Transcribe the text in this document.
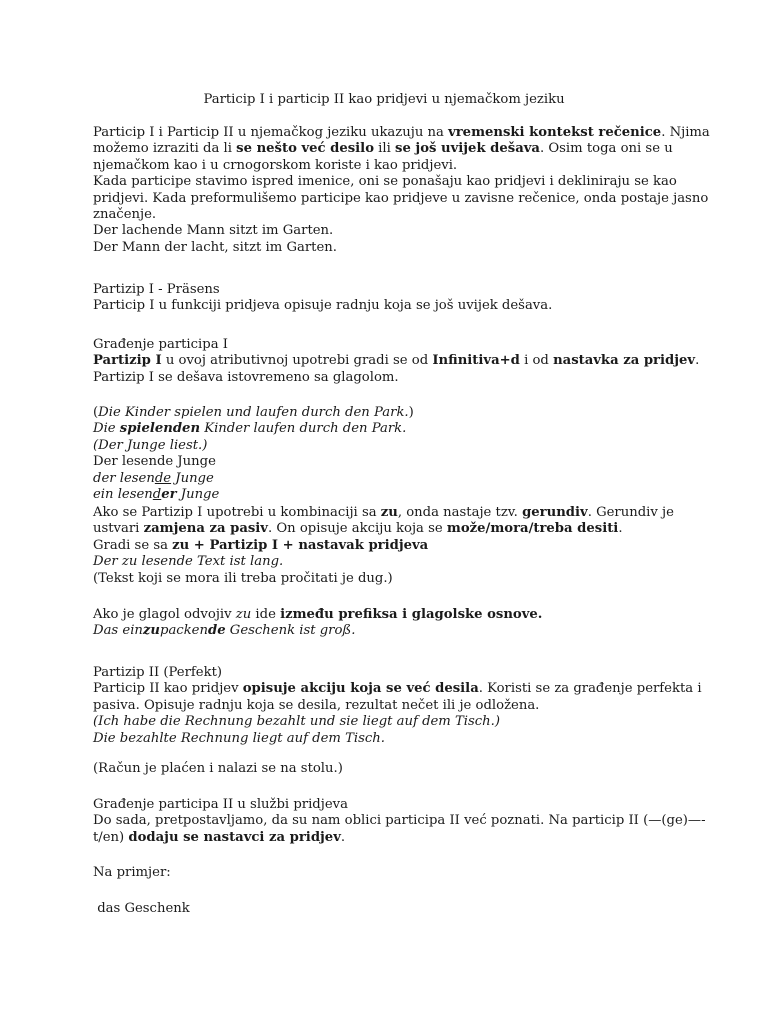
Particip I i particip II kao pridjevi u njemačkom jeziku

Particip I i Particip II u njemačkog jeziku ukazuju na vremenski kontekst rečenice. Njima

možemo izraziti da li se nešto već desilo ili se još uvijek dešava. Osim toga oni se u

njemačkom kao i u crnogorskom koriste i kao pridjevi.

Kada participe stavimo ispred imenice, oni se ponašaju kao pridjevi i dekliniraju se kao

pridjevi. Kada preformulišemo participe kao pridjeve u zavisne rečenice, onda postaje jasno

značenje.

Der lachende Mann sitzt im Garten.

Der Mann der lacht, sitzt im Garten.

Partizip I - Präsens

Particip I u funkciji pridjeva opisuje radnju koja se još uvijek dešava.

Građenje participa I

Partizip I u ovoj atributivnoj upotrebi gradi se od Infinitiva+d i od nastavka za pridjev.

Partizip I se dešava istovremeno sa glagolom.

(Die Kinder spielen und laufen durch den Park.)

Die spielenden Kinder laufen durch den Park.

(Der Junge liest.)

Der lesende Junge

der lesende Junge

ein lesender Junge

Ako se Partizip I upotrebi u kombinaciji sa zu, onda nastaje tzv. gerundiv. Gerundiv je

ustvari zamjena za pasiv. On opisuje akciju koja se može/mora/treba desiti.

Gradi se sa zu + Partizip I + nastavak pridjeva

Der zu lesende Text ist lang.

(Tekst koji se mora ili treba pročitati je dug.)

Ako je glagol odvojiv zu ide između prefiksa i glagolske osnove.

Das einzupackende Geschenk ist groß.

Partizip II (Perfekt)

Particip II kao pridjev opisuje akciju koja se već desila. Koristi se za građenje perfekta i

pasiva. Opisuje radnju koja se desila, rezultat nečet ili je odložena.

(Ich habe die Rechnung bezahlt und sie liegt auf dem Tisch.)

Die bezahlte Rechnung liegt auf dem Tisch.

(Račun je plaćen i nalazi se na stolu.)

Građenje participa II u službi pridjeva

Do sada, pretpostavljamo, da su nam oblici participa II već poznati. Na particip II (—(ge)—-

t/en) dodaju se nastavci za pridjev.

Na primjer:

das Geschenk
